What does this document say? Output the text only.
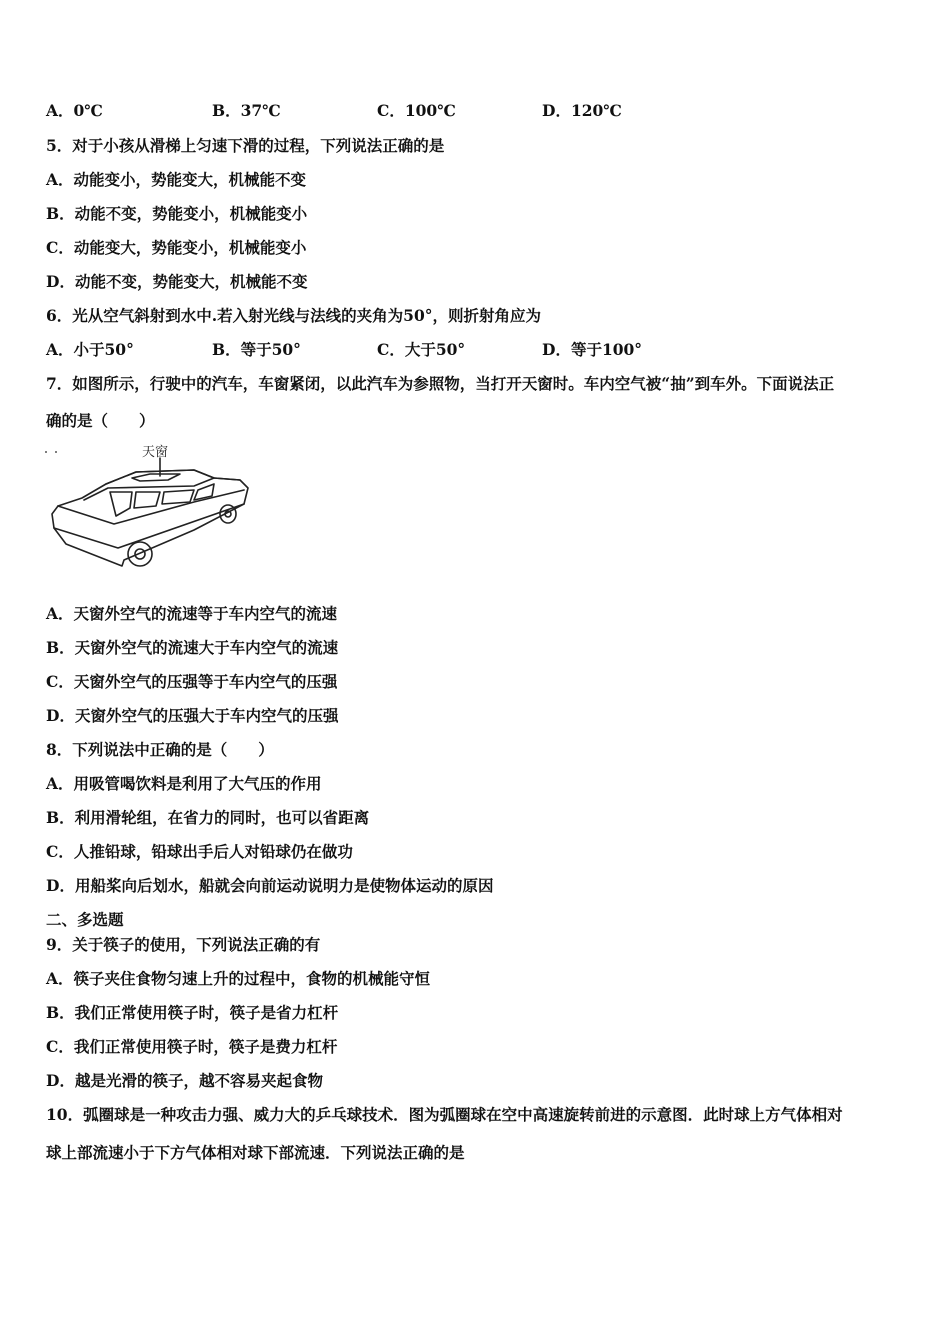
A．0℃	B．37℃	C．100℃	D．120℃
5．对于小孩从滑梯上匀速下滑的过程，下列说法正确的是
A．动能变小，势能变大，机械能不变
B．动能不变，势能变小，机械能变小
C．动能变大，势能变小，机械能变小
D．动能不变，势能变大，机械能不变
6．光从空气斜射到水中.若入射光线与法线的夹角为50°，则折射角应为
A．小于50°	B．等于50°	C．大于50°	D．等于100°
7．如图所示，行驶中的汽车，车窗紧闭，以此汽车为参照物，当打开天窗时。车内空气被“抽”到车外。下面说法正
确的是（　　）
天窗
A．天窗外空气的流速等于车内空气的流速
B．天窗外空气的流速大于车内空气的流速
C．天窗外空气的压强等于车内空气的压强
D．天窗外空气的压强大于车内空气的压强
8．下列说法中正确的是（　　）
A．用吸管喝饮料是利用了大气压的作用
B．利用滑轮组，在省力的同时，也可以省距离
C．人推铅球，铅球出手后人对铅球仍在做功
D．用船桨向后划水，船就会向前运动说明力是使物体运动的原因
二、多选题
9．关于筷子的使用，下列说法正确的有
A．筷子夹住食物匀速上升的过程中，食物的机械能守恒
B．我们正常使用筷子时，筷子是省力杠杆
C．我们正常使用筷子时，筷子是费力杠杆
D．越是光滑的筷子，越不容易夹起食物
10．弧圈球是一种攻击力强、威力大的乒乓球技术．图为弧圈球在空中高速旋转前进的示意图．此时球上方气体相对
球上部流速小于下方气体相对球下部流速．下列说法正确的是
